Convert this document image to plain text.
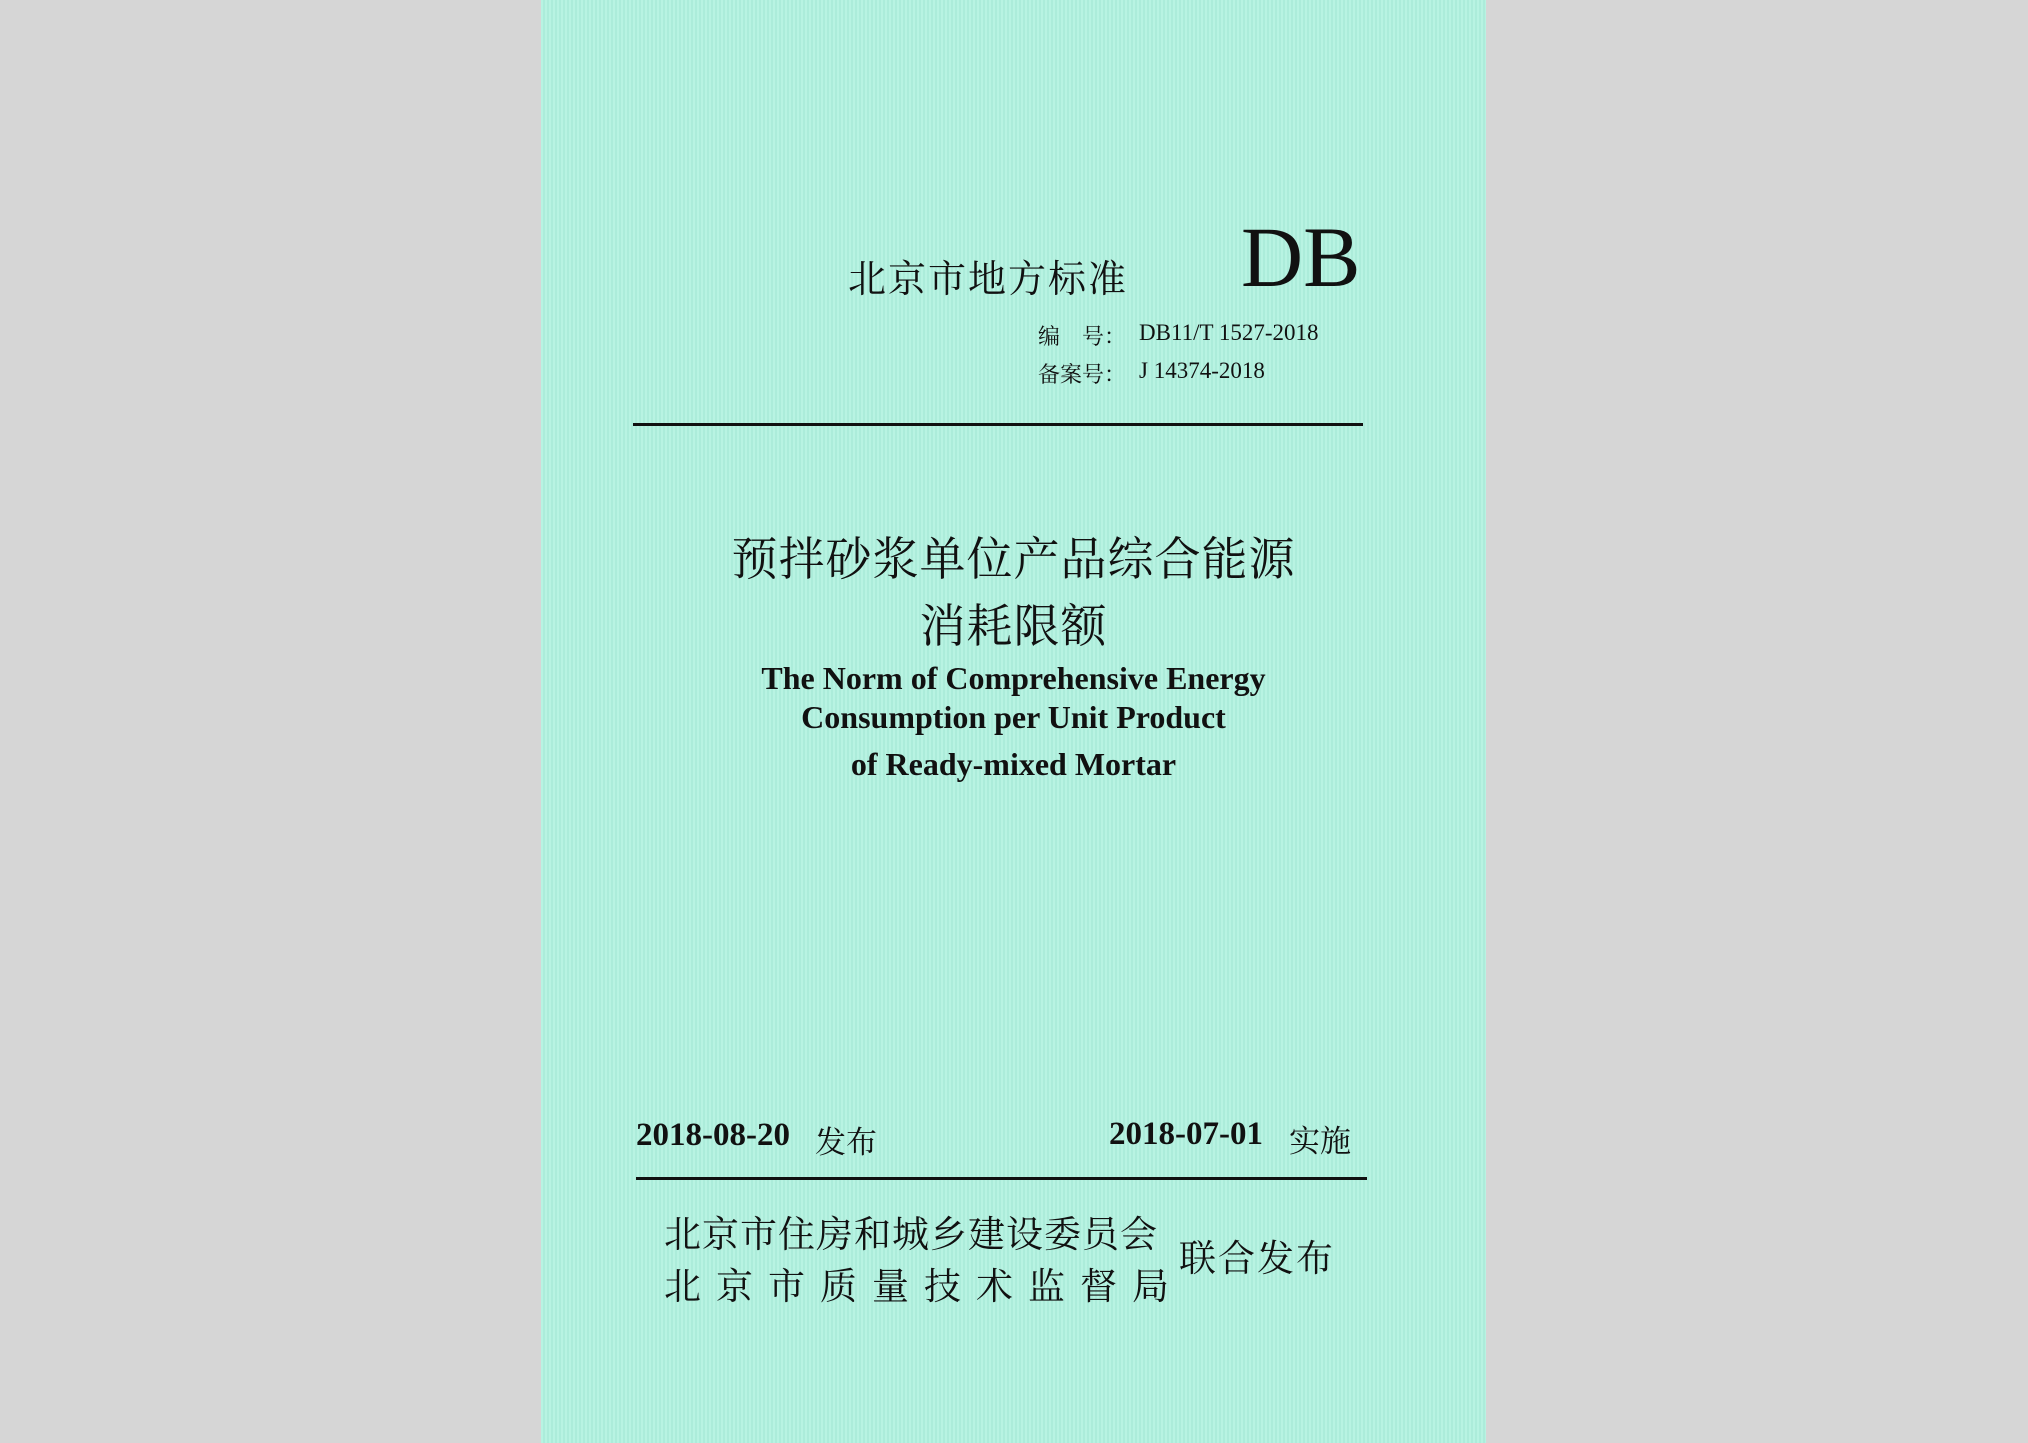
北京市地方标准 DB
编　号： DB11/T 1527-2018
备案号： J 14374-2018
预拌砂浆单位产品综合能源
消耗限额
The Norm of Comprehensive Energy
Consumption per Unit Product
of Ready-mixed Mortar
2018-08-20 发布	2018-07-01 实施
北京市住房和城乡建设委员会
北京市质量技术监督局
联合发布
